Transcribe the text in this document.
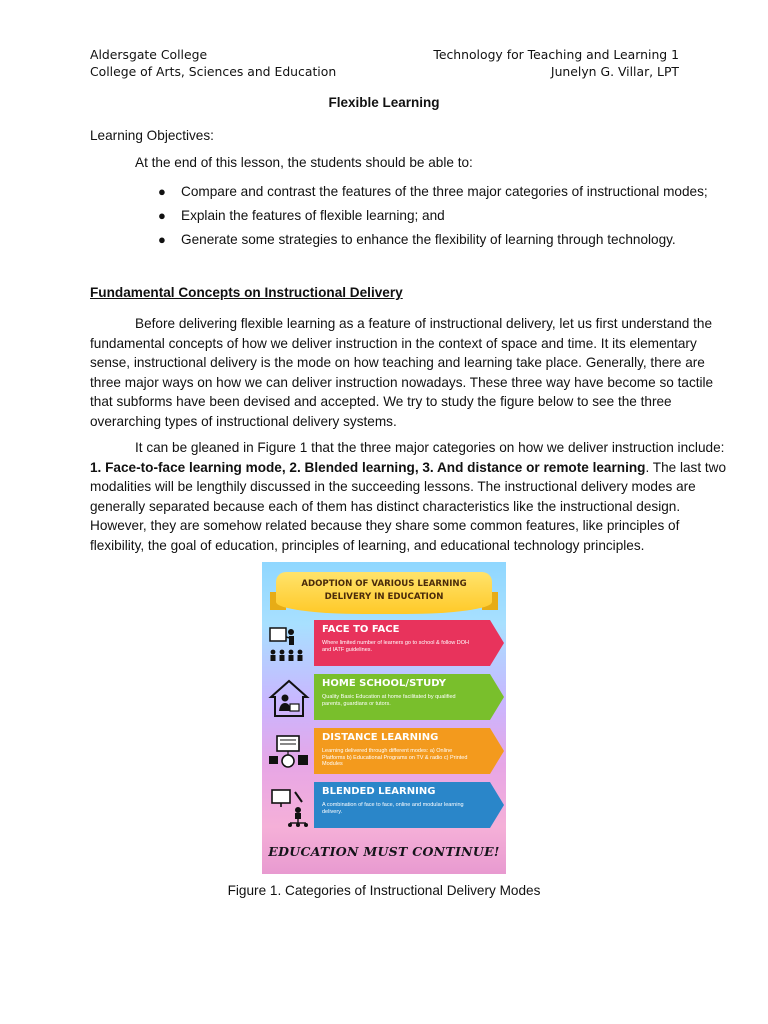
Aldersgate College
College of Arts, Sciences and Education
Technology for Teaching and Learning 1
Junelyn G. Villar, LPT
Flexible Learning
Learning Objectives:
At the end of this lesson, the students should be able to:
● Compare and contrast the features of the three major categories of instructional modes;
● Explain the features of flexible learning; and
● Generate some strategies to enhance the flexibility of learning through technology.
Fundamental Concepts on Instructional Delivery
Before delivering flexible learning as a feature of instructional delivery, let us first understand the
fundamental concepts of how we deliver instruction in the context of space and time. It its elementary
sense, instructional delivery is the mode on how teaching and learning take place. Generally, there are
three major ways on how we can deliver instruction nowadays. These three way have become so tactile
that subforms have been devised and accepted. We try to study the figure below to see the three
overarching types of instructional delivery systems.
It can be gleaned in Figure 1 that the three major categories on how we deliver instruction include:
1. Face-to-face learning mode, 2. Blended learning, 3. And distance or remote learning. The last two
modalities will be lengthily discussed in the succeeding lessons. The instructional delivery modes are
generally separated because each of them has distinct characteristics like the instructional design.
However, they are somehow related because they share some common features, like principles of
flexibility, the goal of education, principles of learning, and educational technology principles.
ADOPTION OF VARIOUS LEARNING
DELIVERY IN EDUCATION
FACE TO FACE
Where limited number of learners go to school & follow DOH and IATF guidelines.
HOME SCHOOL/STUDY
Quality Basic Education at home facilitated by qualified parents, guardians or tutors.
DISTANCE LEARNING
Learning delivered through different modes: a) Online Platforms b) Educational Programs on TV & radio c) Printed Modules
BLENDED LEARNING
A combination of face to face, online and modular learning delivery.
EDUCATION MUST CONTINUE!
Figure 1. Categories of Instructional Delivery Modes
